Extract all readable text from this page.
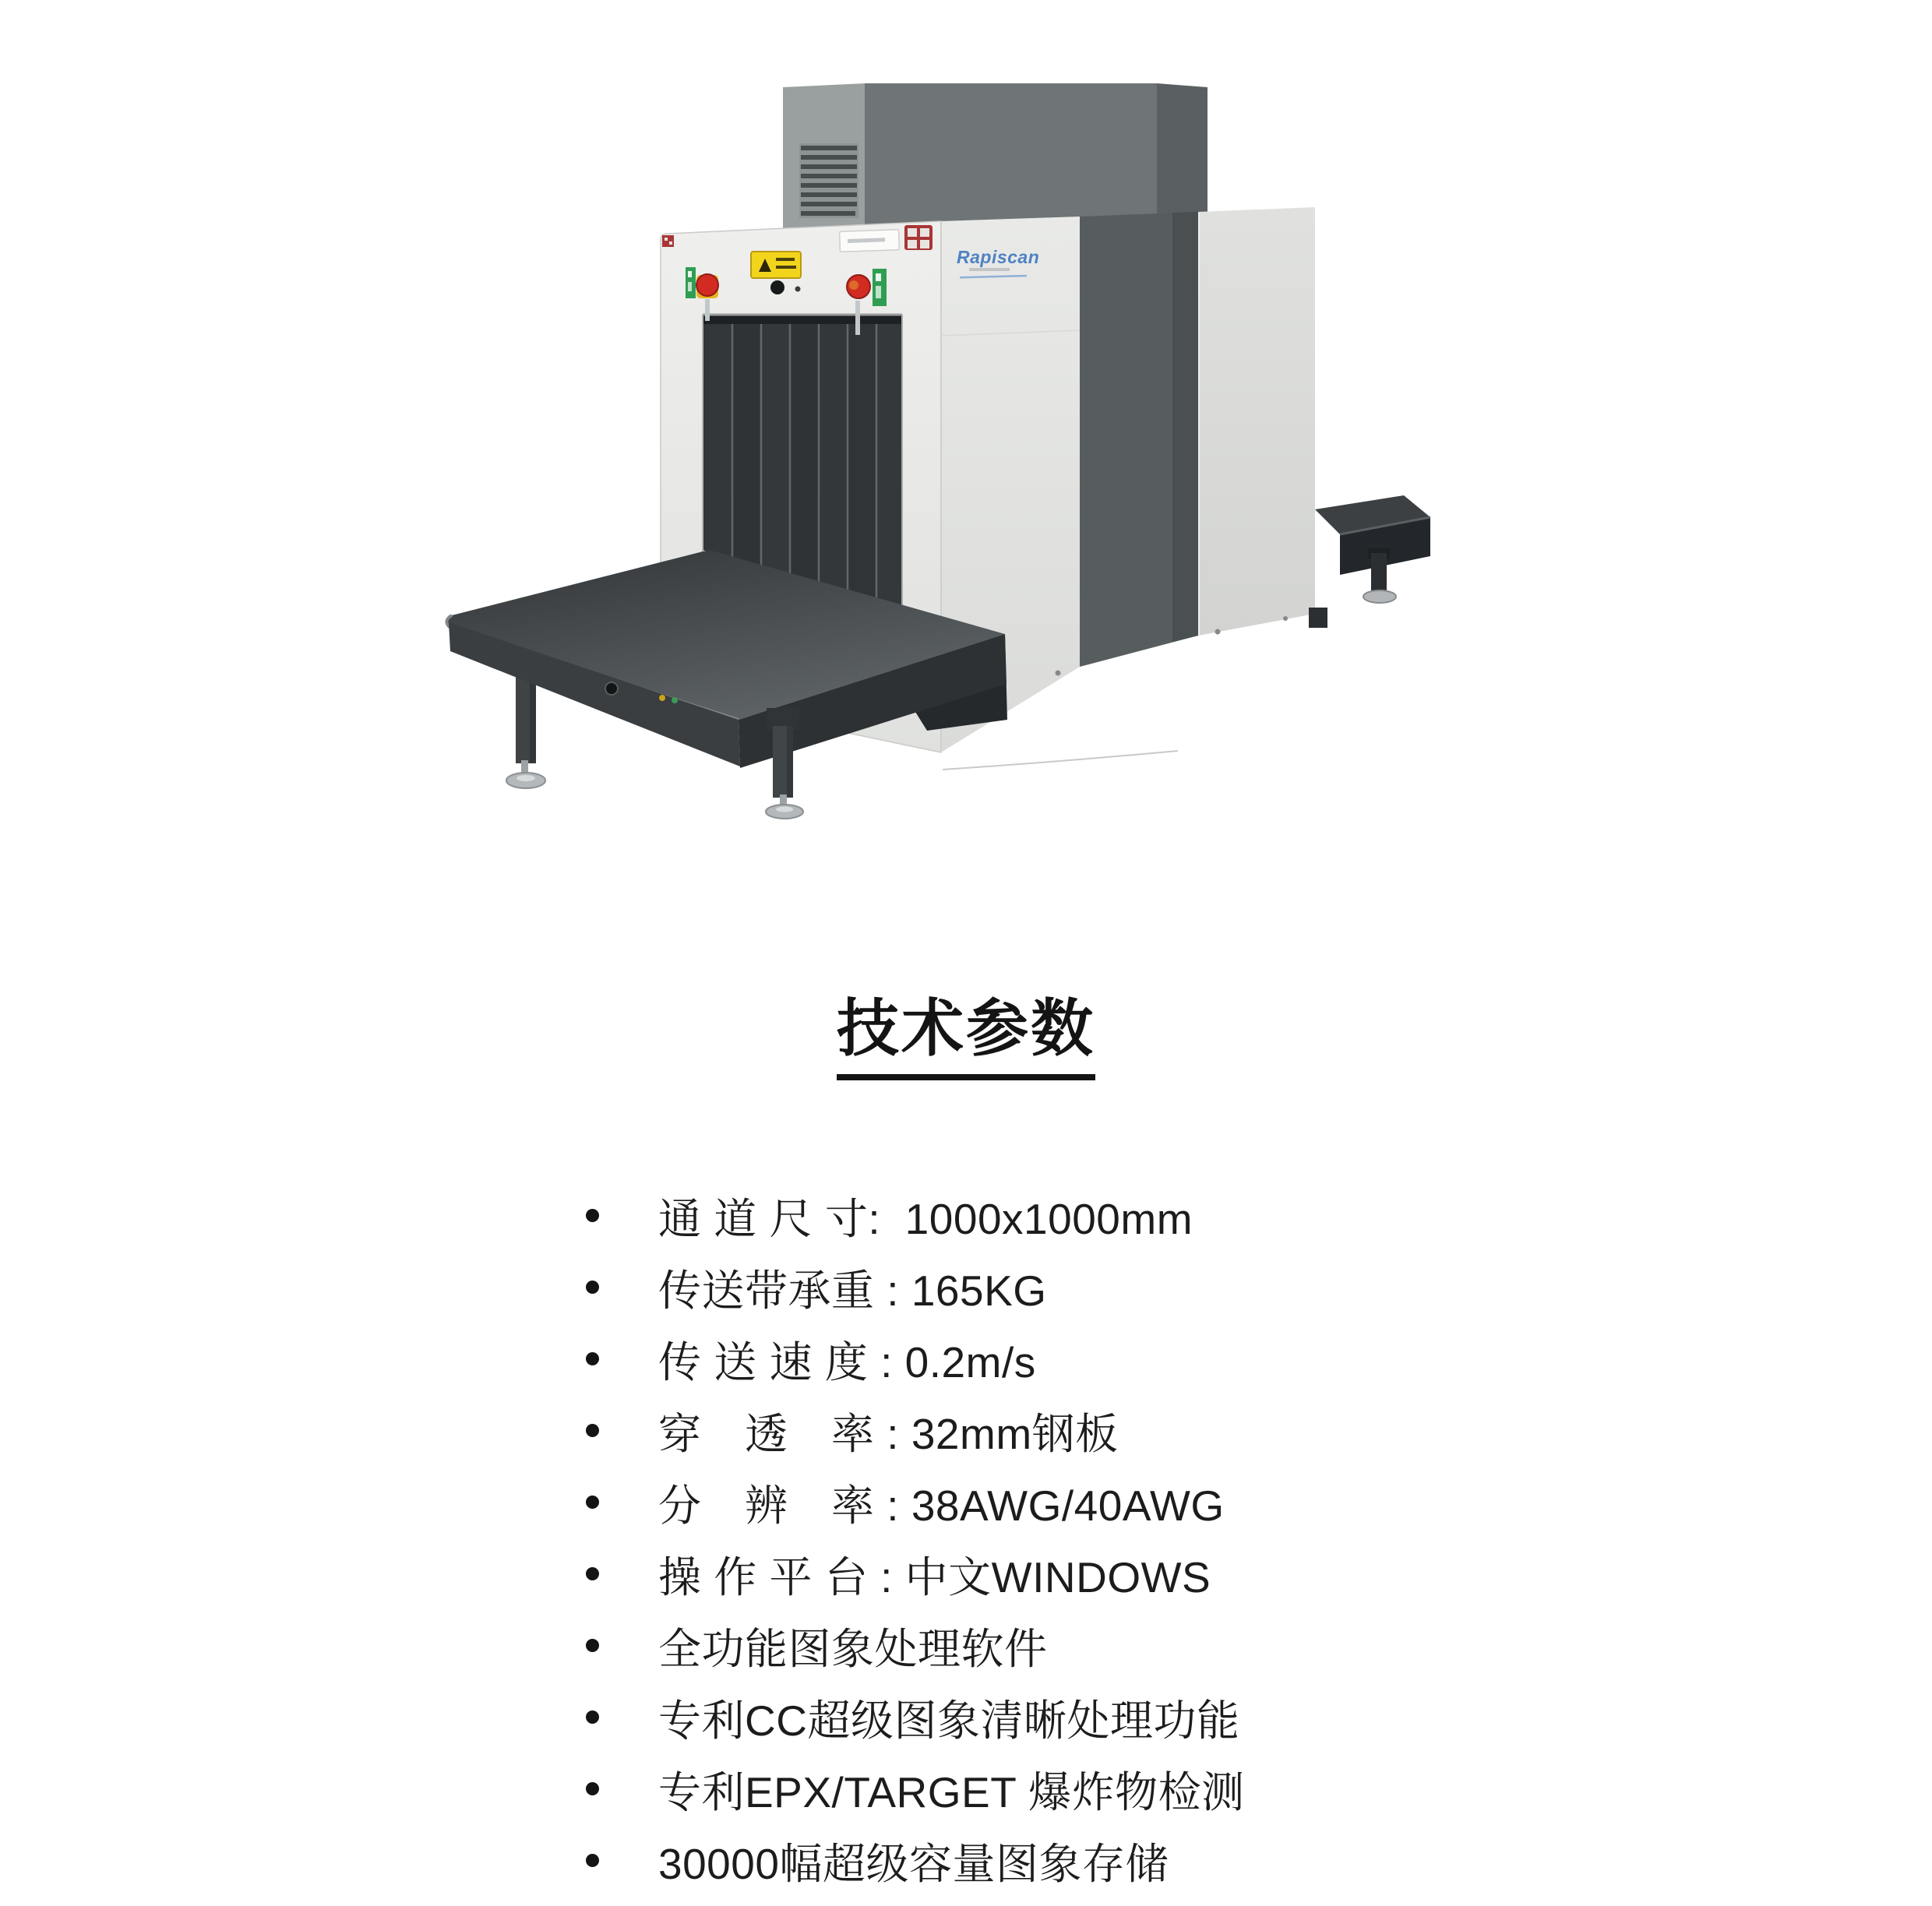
Rapiscan
技术参数
通 道 尺 寸:  1000x1000mm
传送带承重 : 165KG
传 送 速 度 : 0.2m/s
穿　透　率 : 32mm钢板
分　辨　率 : 38AWG/40AWG
操 作 平 台 : 中文WINDOWS
全功能图象处理软件
专利CC超级图象清晰处理功能
专利EPX/TARGET 爆炸物检测
30000幅超级容量图象存储
